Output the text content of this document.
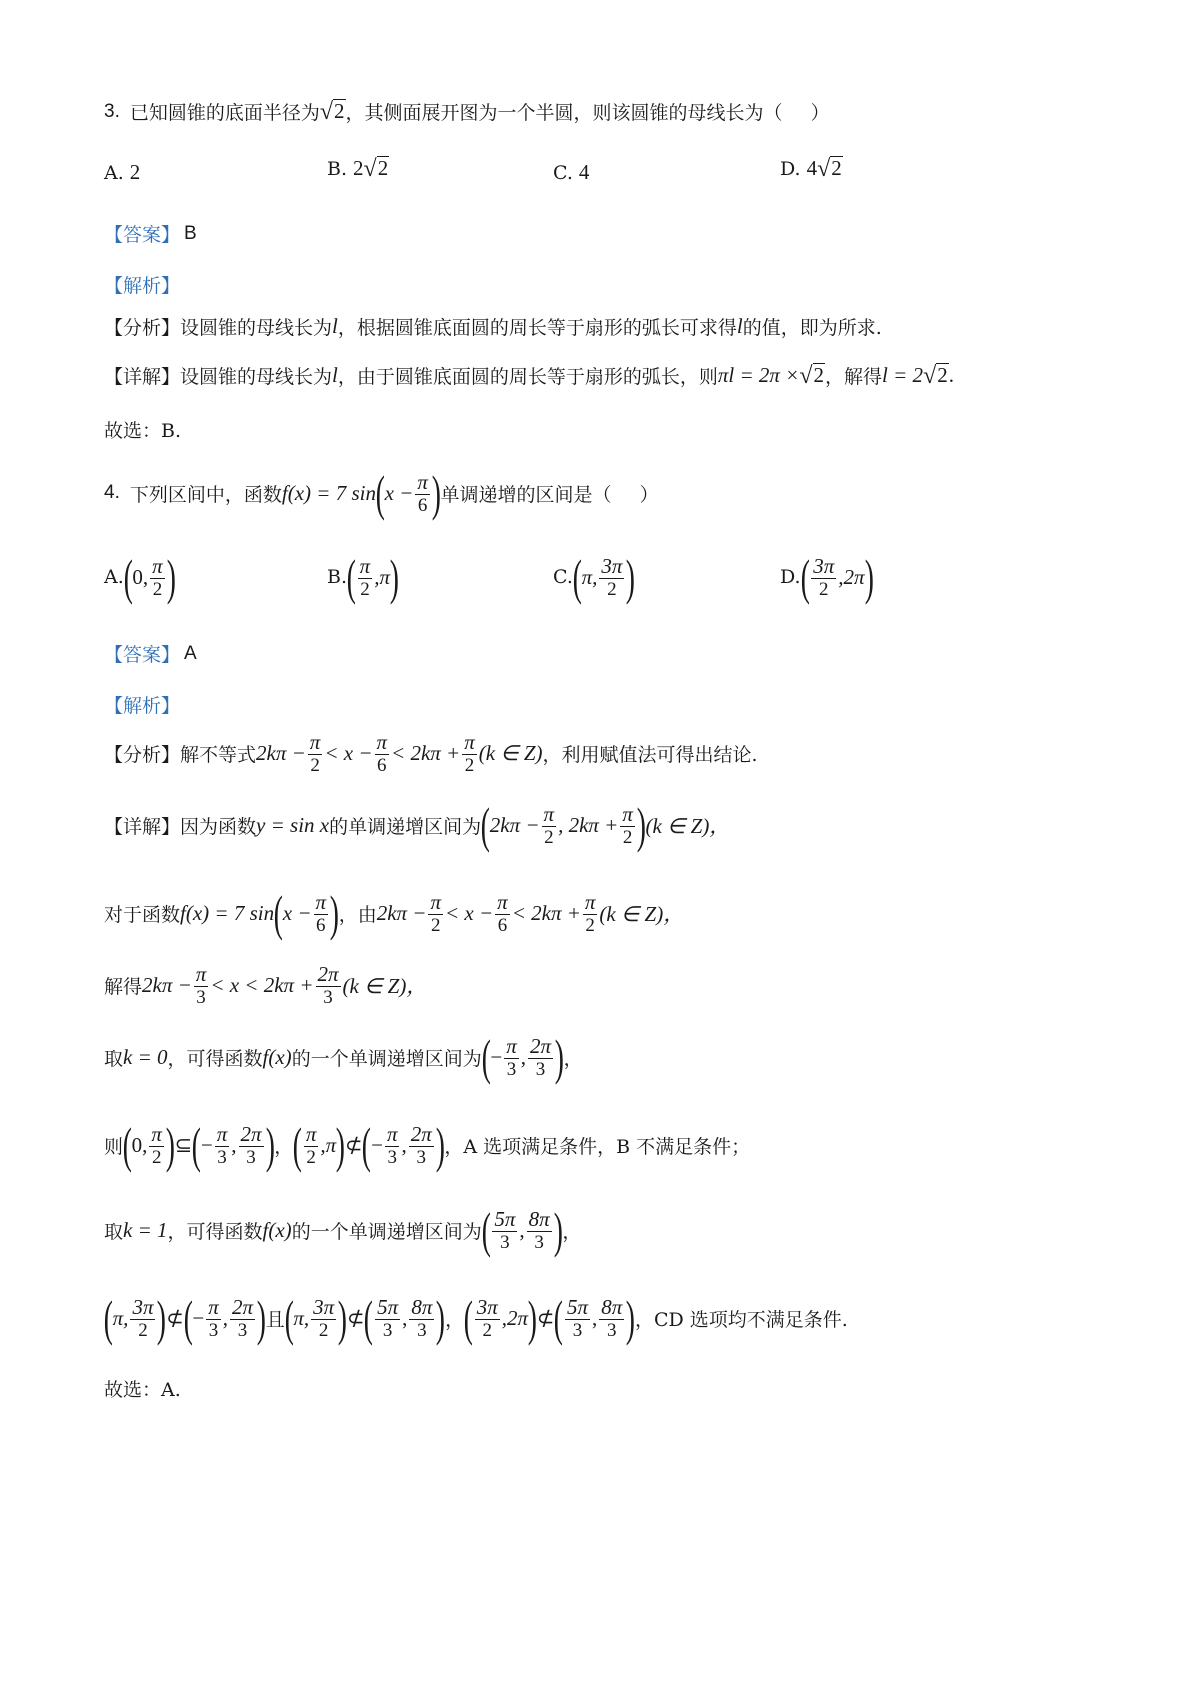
3. 已知圆锥的底面半径为 √ 2 ，其侧面展开图为一个半圆，则该圆锥的母线长为（ ）
A. 2	B. 2 √ 2	C. 4	D. 4 √ 2
【答案】 B
【解析】
【分析】 设圆锥的母线长为 l ，根据圆锥底面圆的周长等于扇形的弧长可求得 l 的值，即为所求.
【详解】 设圆锥的母线长为 l ，由于圆锥底面圆的周长等于扇形的弧长，则 πl = 2π × √ 2 ，解得 l = 2 √ 2 .
故选：B.
4. 下列区间中，函数 f(x) = 7 sin ( $x - \frac{\pi}{6}$ ) 单调递增的区间是（ ）
A. ( 0, $\frac{\pi}{2}$ )	B. ( $\frac{\pi}{2} ,\pi$ )	C. ( π, $\frac{3\pi}{2}$ )	D. ( $\frac{3\pi}{2} ,2\pi$ )
【答案】 A
【解析】
【分析】 解不等式 $2k\pi - \frac{\pi}{2} < x - \frac{\pi}{6} < 2k\pi + \frac{\pi}{2} (k$ ∈ Z) ，利用赋值法可得出结论.
【详解】 因为函数 y = sin x 的单调递增区间为 ( $2k\pi - \frac{\pi}{2}$ , $2k\pi + \frac{\pi}{2}$ ) (k ∈ Z)，
对于函数 f(x) = 7 sin ( $x - \frac{\pi}{6}$ ) ，由 $2k\pi - \frac{\pi}{2} < x - \frac{\pi}{6} < 2k\pi + \frac{\pi}{2} (k$ ∈ Z)，
解得 $2k\pi - \frac{\pi}{3} < x < 2k\pi + \frac{2\pi}{3} (k$ ∈ Z)，
取 k = 0 ，可得函数 f(x) 的一个单调递增区间为 ( − $\frac{\pi}{3}$ , $\frac{2\pi}{3}$ ) ，
则 ( 0, $\frac{\pi}{2}$ ) ⊆ ( − $\frac{\pi}{3}$ , $\frac{2\pi}{3}$ ) ， ( $\frac{\pi}{2} ,\pi$ ) ⊄ ( − $\frac{\pi}{3}$ , $\frac{2\pi}{3}$ ) ， A 选项满足条件，B 不满足条件；
取 k = 1 ，可得函数 f(x) 的一个单调递增区间为 ( $\frac{5\pi}{3}$ , $\frac{8\pi}{3}$ ) ，
( π, $\frac{3\pi}{2}$ ) ⊄ ( − $\frac{\pi}{3}$ , $\frac{2\pi}{3}$ ) 且 ( π, $\frac{3\pi}{2}$ ) ⊄ ( $\frac{5\pi}{3}$ , $\frac{8\pi}{3}$ ) ， ( $\frac{3\pi}{2} ,2\pi$ ) ⊄ ( $\frac{5\pi}{3}$ , $\frac{8\pi}{3}$ ) ， CD 选项均不满足条件.
故选：A.
